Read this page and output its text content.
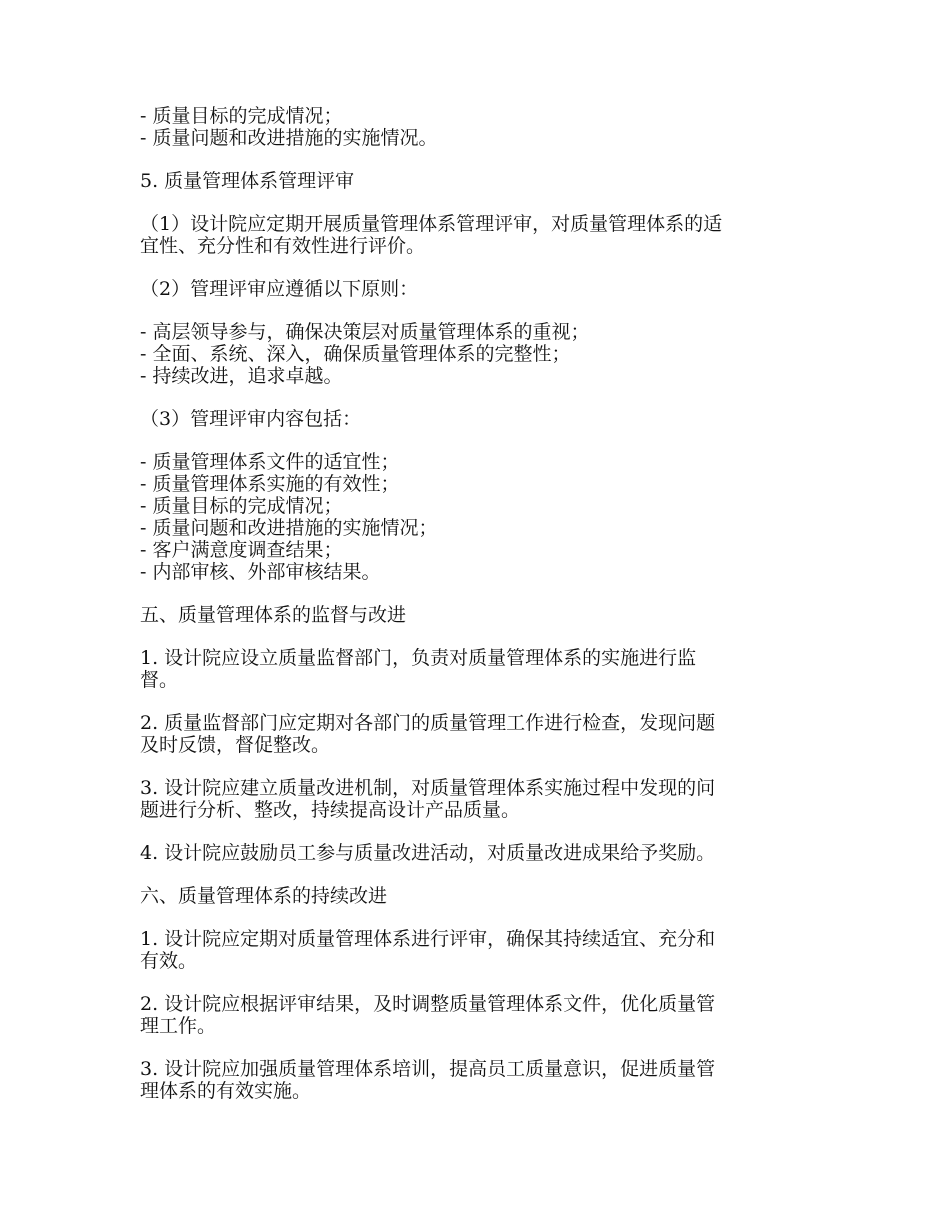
- 质量目标的完成情况；
- 质量问题和改进措施的实施情况。
5. 质量管理体系管理评审
（1）设计院应定期开展质量管理体系管理评审，对质量管理体系的适
宜性、充分性和有效性进行评价。
（2）管理评审应遵循以下原则：
- 高层领导参与，确保决策层对质量管理体系的重视；
- 全面、系统、深入，确保质量管理体系的完整性；
- 持续改进，追求卓越。
（3）管理评审内容包括：
- 质量管理体系文件的适宜性；
- 质量管理体系实施的有效性；
- 质量目标的完成情况；
- 质量问题和改进措施的实施情况；
- 客户满意度调查结果；
- 内部审核、外部审核结果。
五、质量管理体系的监督与改进
1. 设计院应设立质量监督部门，负责对质量管理体系的实施进行监
督。
2. 质量监督部门应定期对各部门的质量管理工作进行检查，发现问题
及时反馈，督促整改。
3. 设计院应建立质量改进机制，对质量管理体系实施过程中发现的问
题进行分析、整改，持续提高设计产品质量。
4. 设计院应鼓励员工参与质量改进活动，对质量改进成果给予奖励。
六、质量管理体系的持续改进
1. 设计院应定期对质量管理体系进行评审，确保其持续适宜、充分和
有效。
2. 设计院应根据评审结果，及时调整质量管理体系文件，优化质量管
理工作。
3. 设计院应加强质量管理体系培训，提高员工质量意识，促进质量管
理体系的有效实施。
